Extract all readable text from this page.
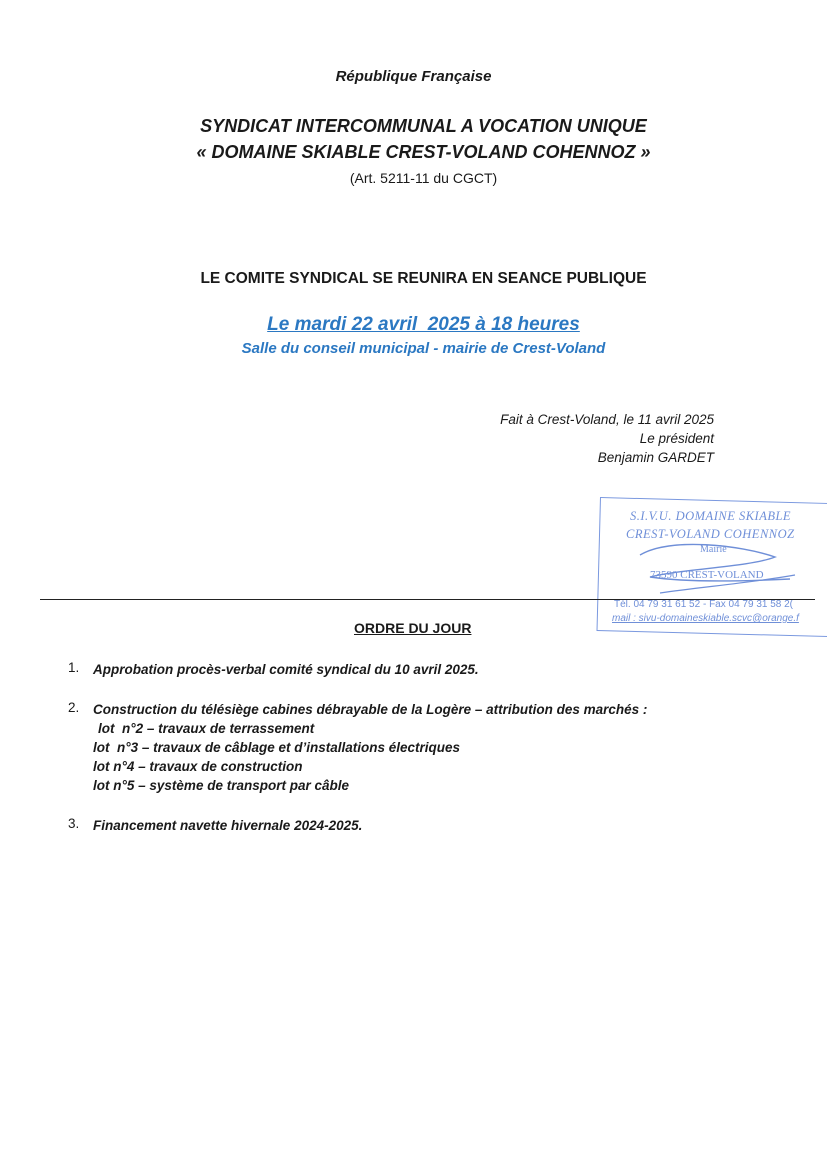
République Française
SYNDICAT INTERCOMMUNAL A VOCATION UNIQUE
« DOMAINE SKIABLE CREST-VOLAND COHENNOZ »
(Art. 5211-11 du CGCT)
LE COMITE SYNDICAL SE REUNIRA EN SEANCE PUBLIQUE
Le mardi 22 avril  2025 à 18 heures
Salle du conseil municipal - mairie de Crest-Voland
Fait à Crest-Voland, le 11 avril 2025
Le président
Benjamin GARDET
S.I.V.U. DOMAINE SKIABLE
CREST-VOLAND COHENNOZ
Mairie
73590 CREST-VOLAND
Tél. 04 79 31 61 52 - Fax 04 79 31 58 2(
mail : sivu-domaineskiable.scvc@orange.f
ORDRE DU JOUR
1. Approbation procès-verbal comité syndical du 10 avril 2025.
2. Construction du télésiège cabines débrayable de la Logère – attribution des marchés :
lot  n°2 – travaux de terrassement
lot  n°3 – travaux de câblage et d’installations électriques
lot n°4 – travaux de construction
lot n°5 – système de transport par câble
3. Financement navette hivernale 2024-2025.
